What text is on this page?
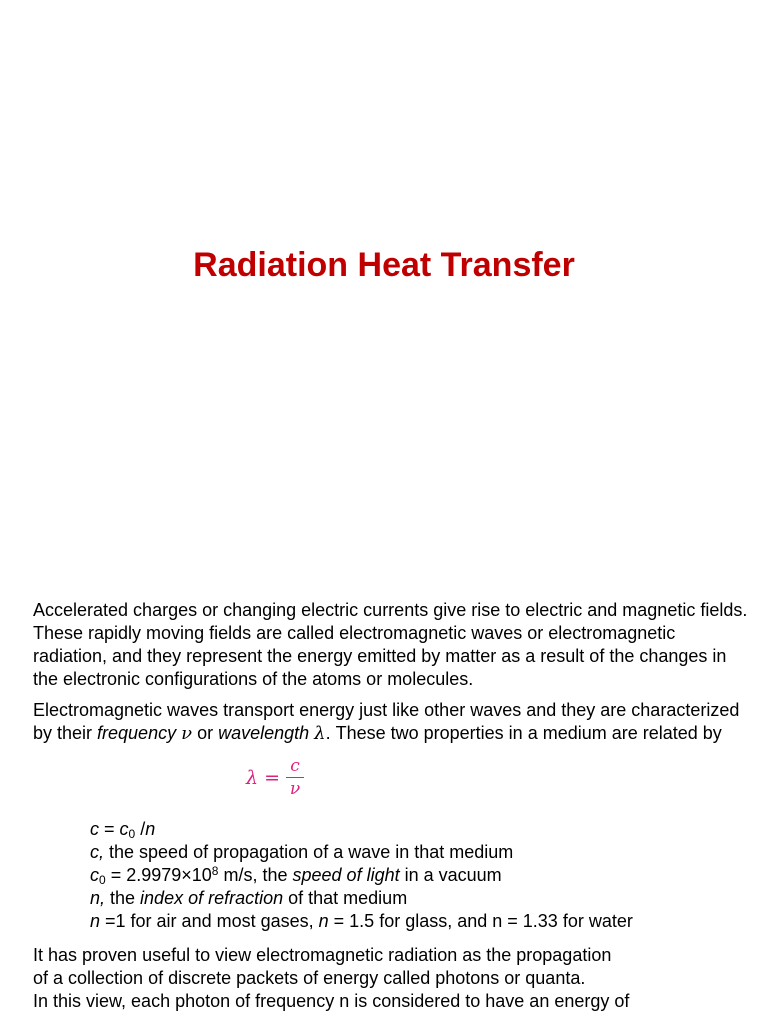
Radiation Heat Transfer

Accelerated charges or changing electric currents give rise to electric and magnetic fields. These rapidly moving fields are called electromagnetic waves or electromagnetic radiation, and they represent the energy emitted by matter as a result of the changes in the electronic configurations of the atoms or molecules.

Electromagnetic waves transport energy just like other waves and they are characterized by their frequency ν or wavelength λ. These two properties in a medium are related by

$\lambda = \frac{c}{\nu}$
$c = c_0$ /n
c, the speed of propagation of a wave in that medium
$c_0 = 2.9979\times 10^8$ m/s, the speed of light in a vacuum
n, the index of refraction of that medium
n =1 for air and most gases, n = 1.5 for glass, and n = 1.33 for water

It has proven useful to view electromagnetic radiation as the propagation

of a collection of discrete packets of energy called photons or quanta.

In this view, each photon of frequency n is considered to have an energy of
